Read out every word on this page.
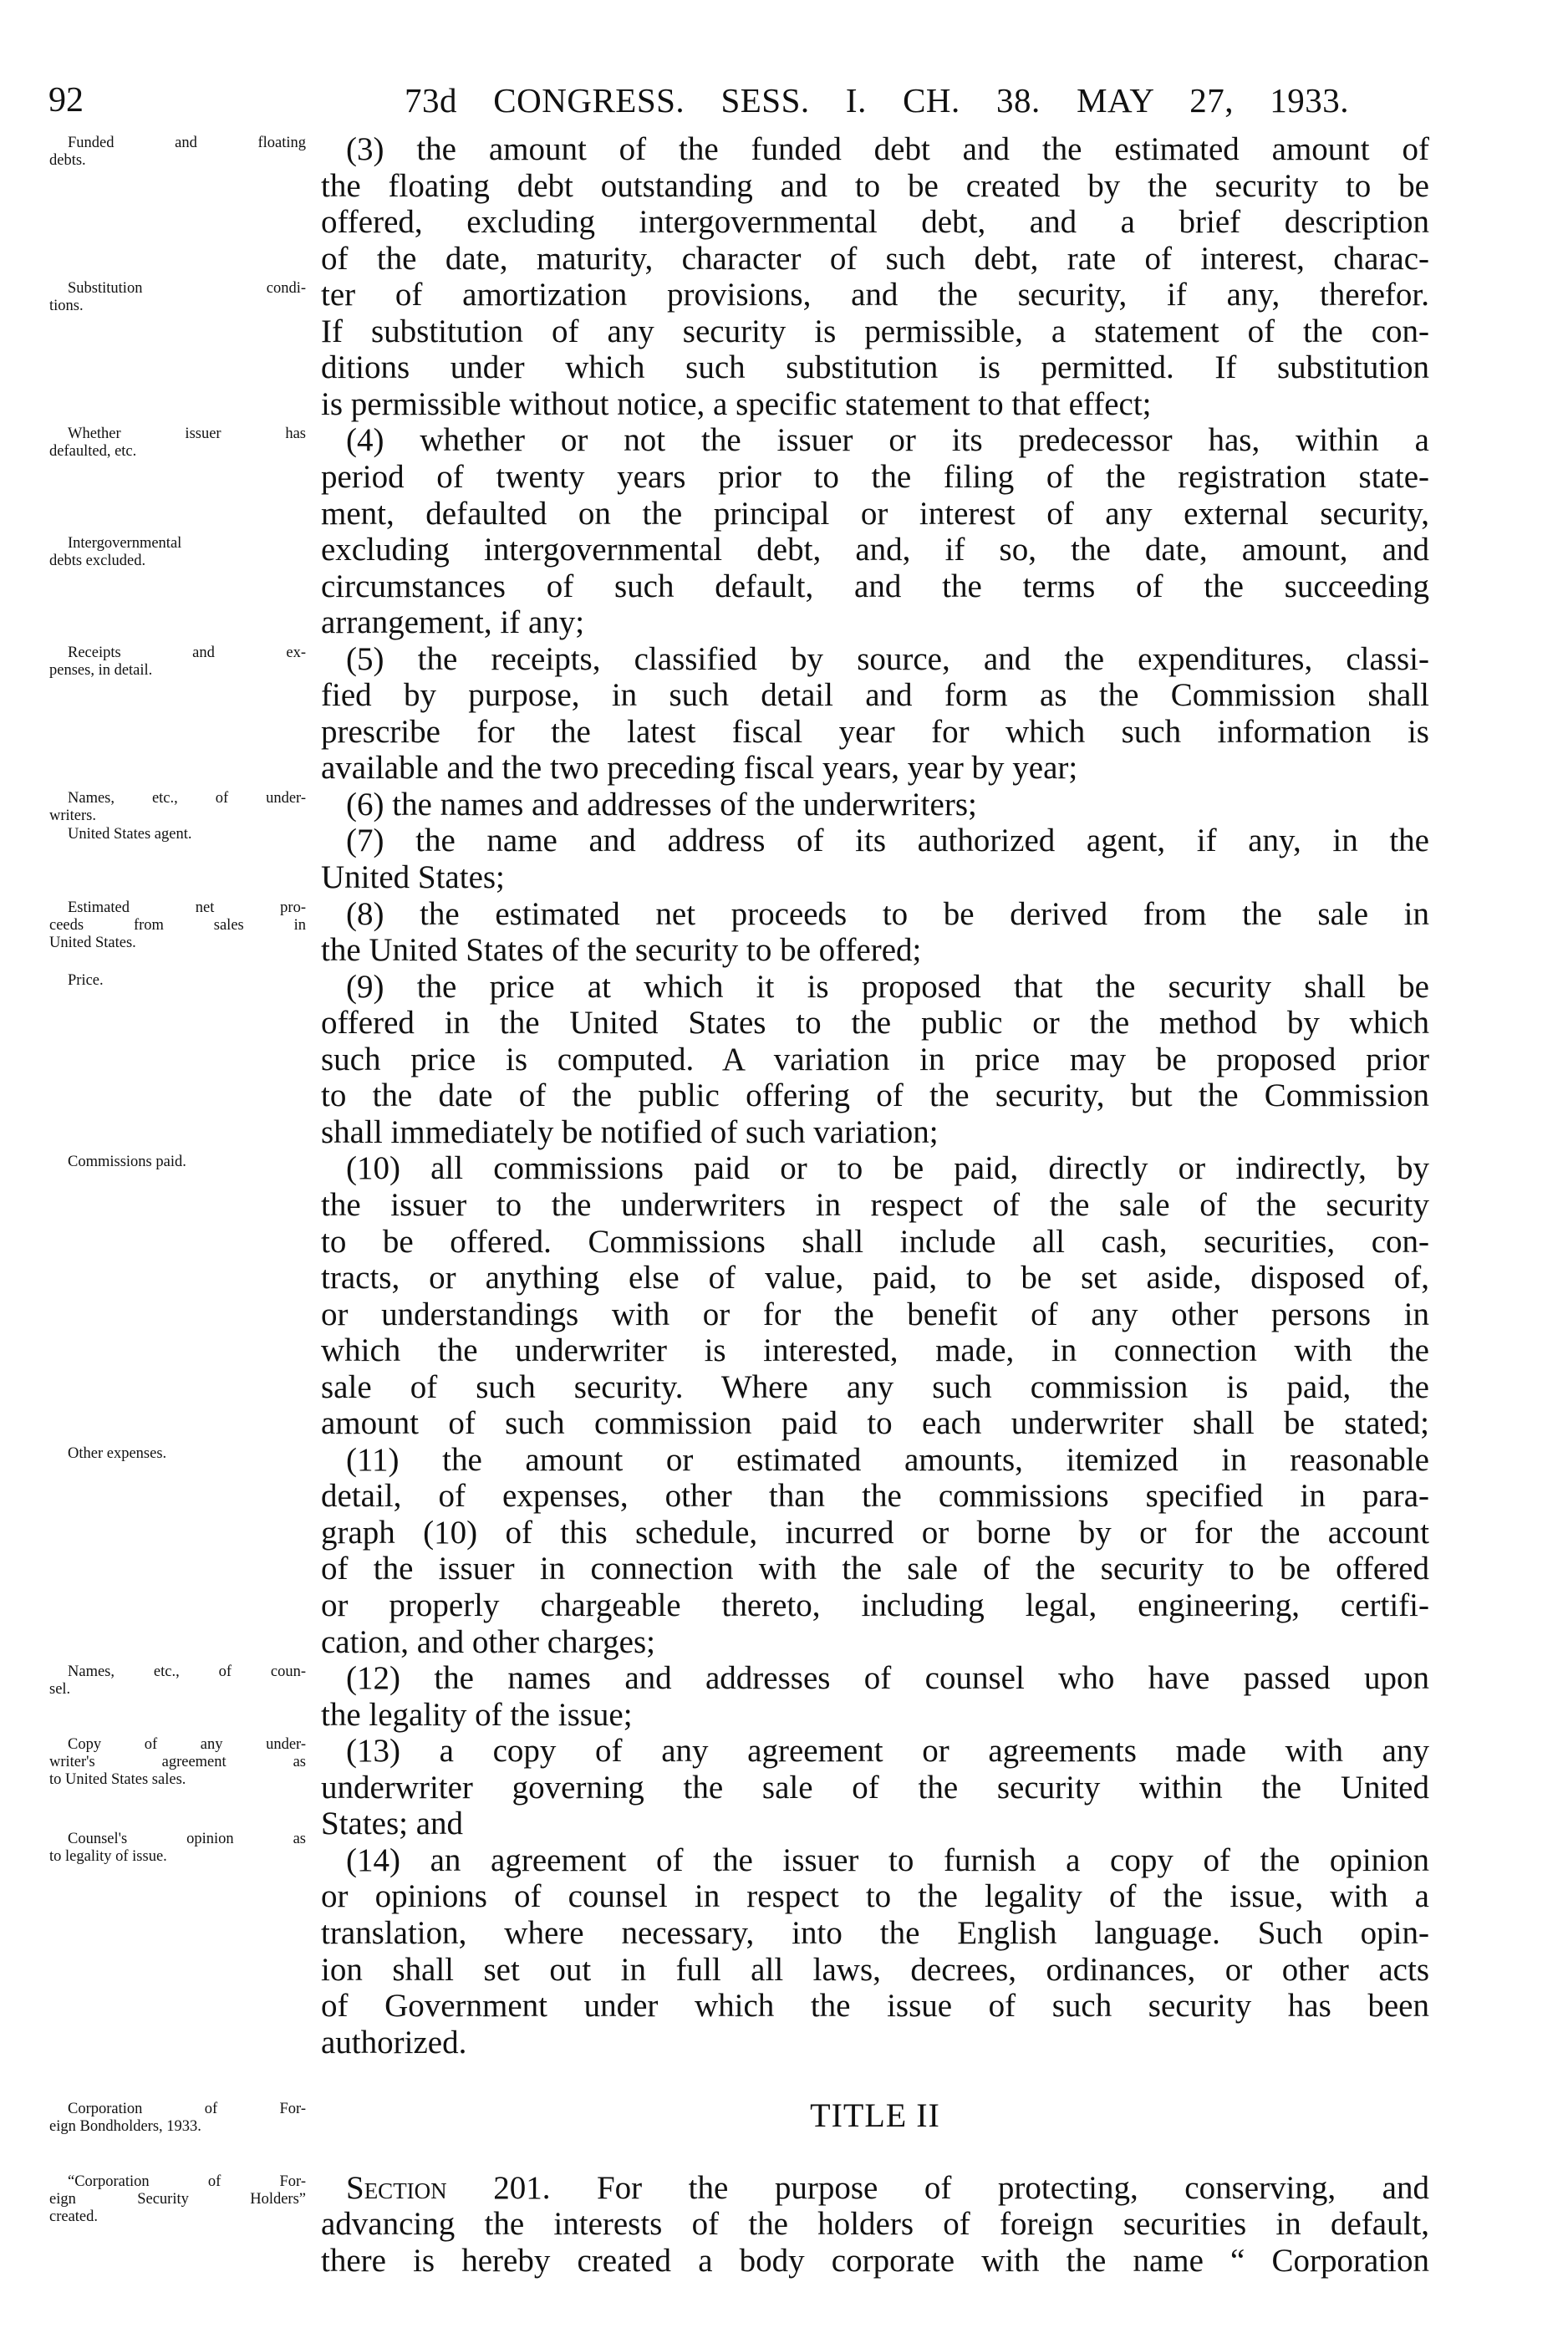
92	73d CONGRESS. SESS. I. CH. 38. MAY 27, 1933.
(3) the amount of the funded debt and the estimated amount of
the floating debt outstanding and to be created by the security to be
offered, excluding intergovernmental debt, and a brief description
of the date, maturity, character of such debt, rate of interest, charac-
ter of amortization provisions, and the security, if any, therefor.
If substitution of any security is permissible, a statement of the con-
ditions under which such substitution is permitted. If substitution
is permissible without notice, a specific statement to that effect;
(4) whether or not the issuer or its predecessor has, within a
period of twenty years prior to the filing of the registration state-
ment, defaulted on the principal or interest of any external security,
excluding intergovernmental debt, and, if so, the date, amount, and
circumstances of such default, and the terms of the succeeding
arrangement, if any;
(5) the receipts, classified by source, and the expenditures, classi-
fied by purpose, in such detail and form as the Commission shall
prescribe for the latest fiscal year for which such information is
available and the two preceding fiscal years, year by year;
(6) the names and addresses of the underwriters;
(7) the name and address of its authorized agent, if any, in the
United States;
(8) the estimated net proceeds to be derived from the sale in
the United States of the security to be offered;
(9) the price at which it is proposed that the security shall be
offered in the United States to the public or the method by which
such price is computed. A variation in price may be proposed prior
to the date of the public offering of the security, but the Commission
shall immediately be notified of such variation;
(10) all commissions paid or to be paid, directly or indirectly, by
the issuer to the underwriters in respect of the sale of the security
to be offered. Commissions shall include all cash, securities, con-
tracts, or anything else of value, paid, to be set aside, disposed of,
or understandings with or for the benefit of any other persons in
which the underwriter is interested, made, in connection with the
sale of such security. Where any such commission is paid, the
amount of such commission paid to each underwriter shall be stated;
(11) the amount or estimated amounts, itemized in reasonable
detail, of expenses, other than the commissions specified in para-
graph (10) of this schedule, incurred or borne by or for the account
of the issuer in connection with the sale of the security to be offered
or properly chargeable thereto, including legal, engineering, certifi-
cation, and other charges;
(12) the names and addresses of counsel who have passed upon
the legality of the issue;
(13) a copy of any agreement or agreements made with any
underwriter governing the sale of the security within the United
States; and
(14) an agreement of the issuer to furnish a copy of the opinion
or opinions of counsel in respect to the legality of the issue, with a
translation, where necessary, into the English language. Such opin-
ion shall set out in full all laws, decrees, ordinances, or other acts
of Government under which the issue of such security has been
authorized.
TITLE II
Section 201. For the purpose of protecting, conserving, and
advancing the interests of the holders of foreign securities in default,
there is hereby created a body corporate with the name “ Corporation
Funded and floating
debts.
Substitution condi-
tions.
Whether issuer has
defaulted, etc.
Intergovernmental
debts excluded.
Receipts and ex-
penses, in detail.
Names, etc., of under-
writers.
United States agent.
Estimated net pro-
ceeds from sales in
United States.
Price.
Commissions paid.
Other expenses.
Names, etc., of coun-
sel.
Copy of any under-
writer's agreement as
to United States sales.
Counsel's opinion as
to legality of issue.
Corporation of For-
eign Bondholders, 1933.
“Corporation of For-
eign Security Holders”
created.
